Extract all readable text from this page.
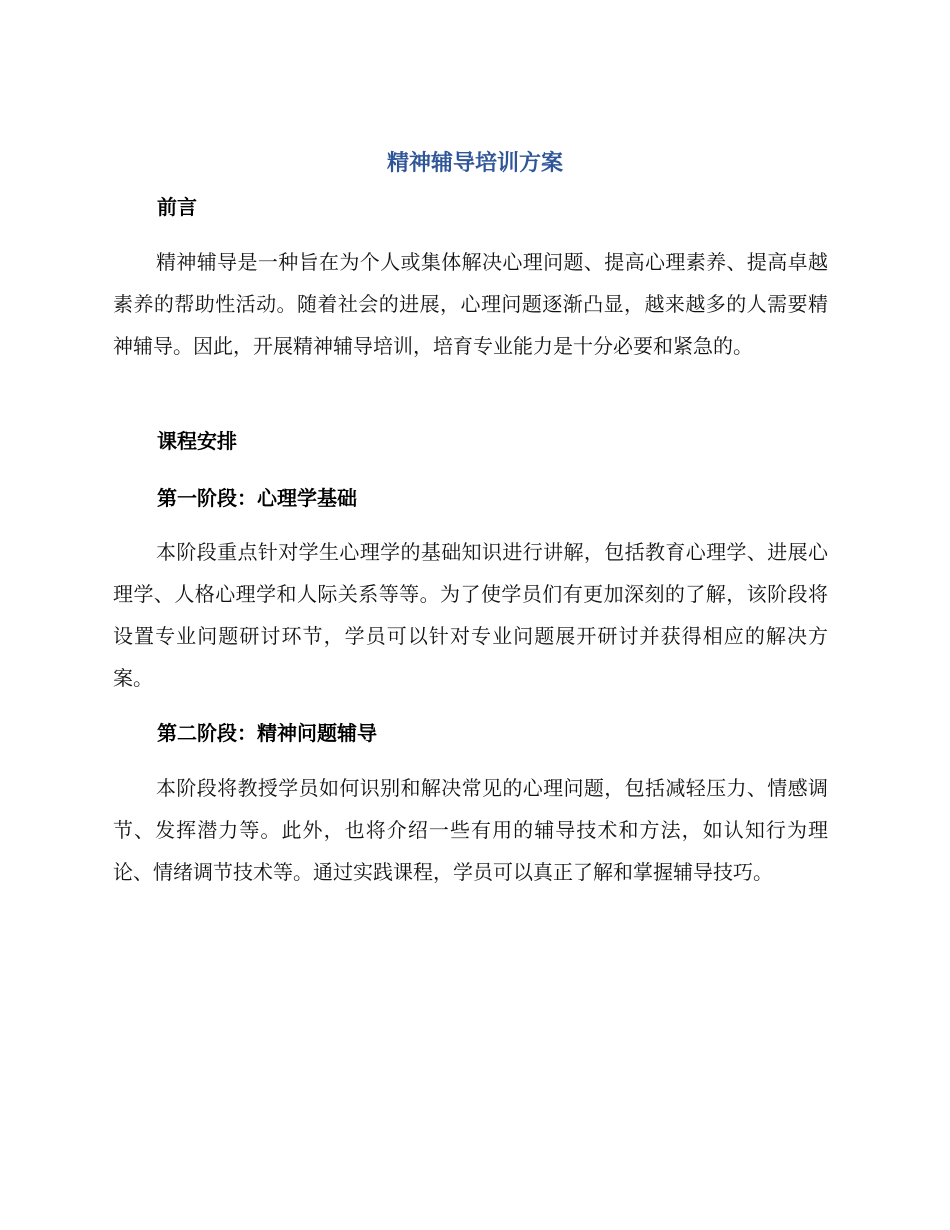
精神辅导培训方案
前言
精神辅导是一种旨在为个人或集体解决心理问题、提高心理素养、提高卓越素养的帮助性活动。随着社会的进展，心理问题逐渐凸显，越来越多的人需要精神辅导。因此，开展精神辅导培训，培育专业能力是十分必要和紧急的。
课程安排
第一阶段：心理学基础
本阶段重点针对学生心理学的基础知识进行讲解，包括教育心理学、进展心理学、人格心理学和人际关系等等。为了使学员们有更加深刻的了解，该阶段将设置专业问题研讨环节，学员可以针对专业问题展开研讨并获得相应的解决方案。
第二阶段：精神问题辅导
本阶段将教授学员如何识别和解决常见的心理问题，包括减轻压力、情感调节、发挥潜力等。此外，也将介绍一些有用的辅导技术和方法，如认知行为理论、情绪调节技术等。通过实践课程，学员可以真正了解和掌握辅导技巧。
